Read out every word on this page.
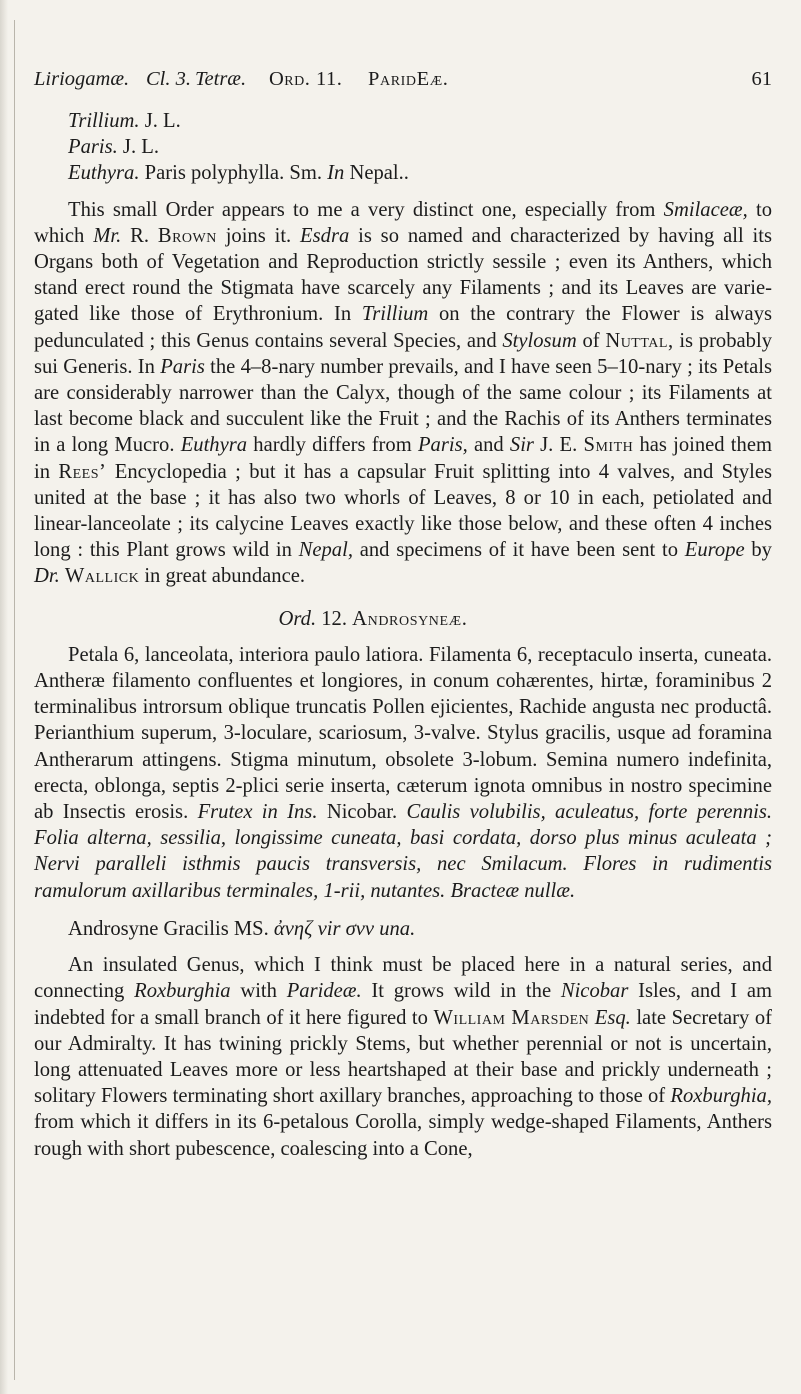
Liriogamæ. Cl. 3. Tetræ. Ord. 11. ParidEæ.	61

Trillium. J. L.

Paris. J. L.

Euthyra. Paris polyphylla. Sm. In Nepal..

This small Order appears to me a very distinct one, especially from Smilaceæ, to which Mr. R. Brown joins it. Esdra is so named and characterized by having all its Organs both of Vegetation and Reproduction strictly sessile ; even its Anthers, which stand erect round the Stigmata have scarcely any Filaments ; and its Leaves are variegated like those of Erythronium. In Trillium on the contrary the Flower is always pedunculated ; this Genus contains several Species, and Stylosum of Nuttal, is probably sui Generis. In Paris the 4–8-nary number prevails, and I have seen 5–10-nary ; its Petals are considerably narrower than the Calyx, though of the same colour ; its Filaments at last become black and succulent like the Fruit ; and the Rachis of its Anthers terminates in a long Mucro. Euthyra hardly differs from Paris, and Sir J. E. Smith has joined them in Rees’ Encyclopedia ; but it has a capsular Fruit splitting into 4 valves, and Styles united at the base ; it has also two whorls of Leaves, 8 or 10 in each, petiolated and linear-lanceolate ; its calycine Leaves exactly like those below, and these often 4 inches long : this Plant grows wild in Nepal, and specimens of it have been sent to Europe by Dr. Wallick in great abundance.

Ord. 12. Androsyneæ.

Petala 6, lanceolata, interiora paulo latiora. Filamenta 6, receptaculo inserta, cuneata. Antheræ filamento confluentes et longiores, in conum cohærentes, hirtæ, foraminibus 2 terminalibus introrsum oblique truncatis Pollen ejicientes, Rachide angusta nec productâ. Perianthium superum, 3-loculare, scariosum, 3-valve. Stylus gracilis, usque ad foramina Antherarum attingens. Stigma minutum, obsolete 3-lobum. Semina numero indefinita, erecta, oblonga, septis 2-plici serie inserta, cæterum ignota omnibus in nostro specimine ab Insectis erosis. Frutex in Ins. Nicobar. Caulis volubilis, aculeatus, forte perennis. Folia alterna, sessilia, longissime cuneata, basi cordata, dorso plus minus aculeata ; Nervi paralleli isthmis paucis transversis, nec Smilacum. Flores in rudimentis ramulorum axillaribus terminales, 1-rii, nutantes. Bracteæ nullæ.

Androsyne Gracilis MS. ἀνηζ vir σvv una.

An insulated Genus, which I think must be placed here in a natural series, and connecting Roxburghia with Parideæ. It grows wild in the Nicobar Isles, and I am indebted for a small branch of it here figured to William Marsden Esq. late Secretary of our Admiralty. It has twining prickly Stems, but whether perennial or not is uncertain, long attenuated Leaves more or less heartshaped at their base and prickly underneath ; solitary Flowers terminating short axillary branches, approaching to those of Roxburghia, from which it differs in its 6-petalous Corolla, simply wedge-shaped Filaments, Anthers rough with short pubescence, coalescing into a Cone,
